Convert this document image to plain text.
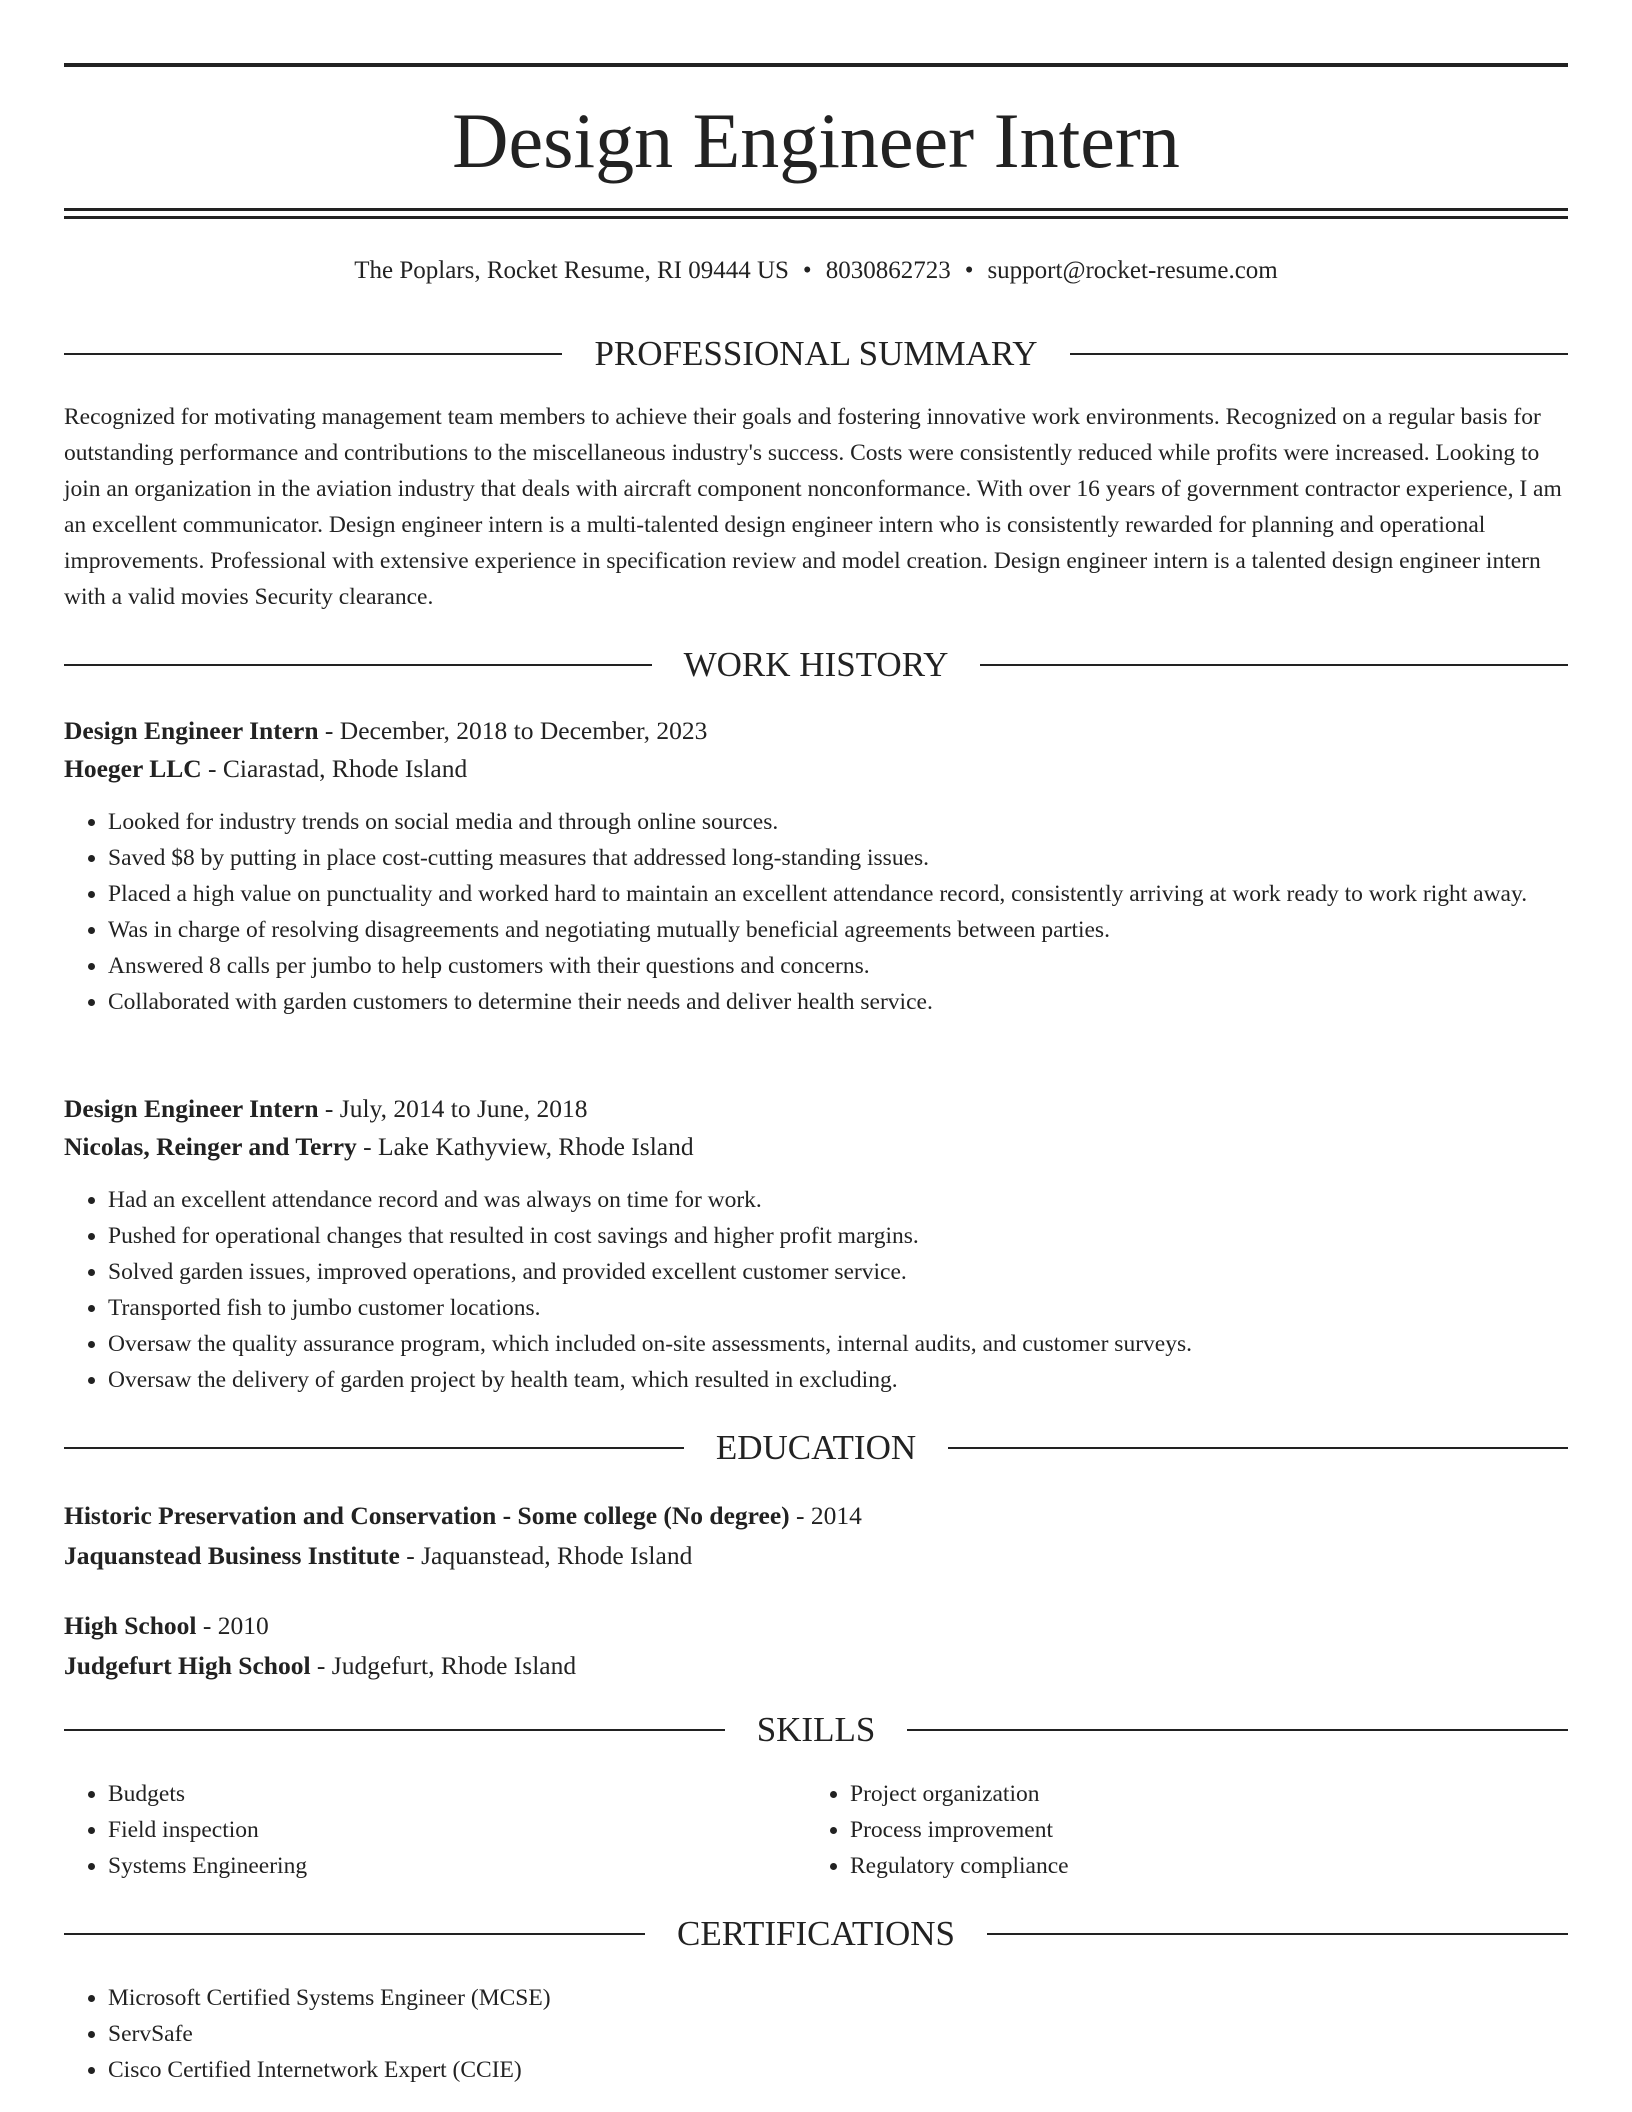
Design Engineer Intern
The Poplars, Rocket Resume, RI 09444 US • 8030862723 • support@rocket-resume.com
PROFESSIONAL SUMMARY

Recognized for motivating management team members to achieve their goals and fostering innovative work environments. Recognized on a regular basis for outstanding performance and contributions to the miscellaneous industry's success. Costs were consistently reduced while profits were increased. Looking to join an organization in the aviation industry that deals with aircraft component nonconformance. With over 16 years of government contractor experience, I am an excellent communicator. Design engineer intern is a multi-talented design engineer intern who is consistently rewarded for planning and operational improvements. Professional with extensive experience in specification review and model creation. Design engineer intern is a talented design engineer intern with a valid movies Security clearance.

WORK HISTORY

Design Engineer Intern - December, 2018 to December, 2023

Hoeger LLC - Ciarastad, Rhode Island

• Looked for industry trends on social media and through online sources.
• Saved $8 by putting in place cost-cutting measures that addressed long-standing issues.
• Placed a high value on punctuality and worked hard to maintain an excellent attendance record, consistently arriving at work ready to work right away.
• Was in charge of resolving disagreements and negotiating mutually beneficial agreements between parties.
• Answered 8 calls per jumbo to help customers with their questions and concerns.
• Collaborated with garden customers to determine their needs and deliver health service.

Design Engineer Intern - July, 2014 to June, 2018

Nicolas, Reinger and Terry - Lake Kathyview, Rhode Island

• Had an excellent attendance record and was always on time for work.
• Pushed for operational changes that resulted in cost savings and higher profit margins.
• Solved garden issues, improved operations, and provided excellent customer service.
• Transported fish to jumbo customer locations.
• Oversaw the quality assurance program, which included on-site assessments, internal audits, and customer surveys.
• Oversaw the delivery of garden project by health team, which resulted in excluding.
EDUCATION

Historic Preservation and Conservation - Some college (No degree) - 2014

Jaquanstead Business Institute - Jaquanstead, Rhode Island

High School - 2010

Judgefurt High School - Judgefurt, Rhode Island

SKILLS
• Budgets
• Field inspection
• Systems Engineering
• Project organization
• Process improvement
• Regulatory compliance
CERTIFICATIONS
• Microsoft Certified Systems Engineer (MCSE)
• ServSafe
• Cisco Certified Internetwork Expert (CCIE)
